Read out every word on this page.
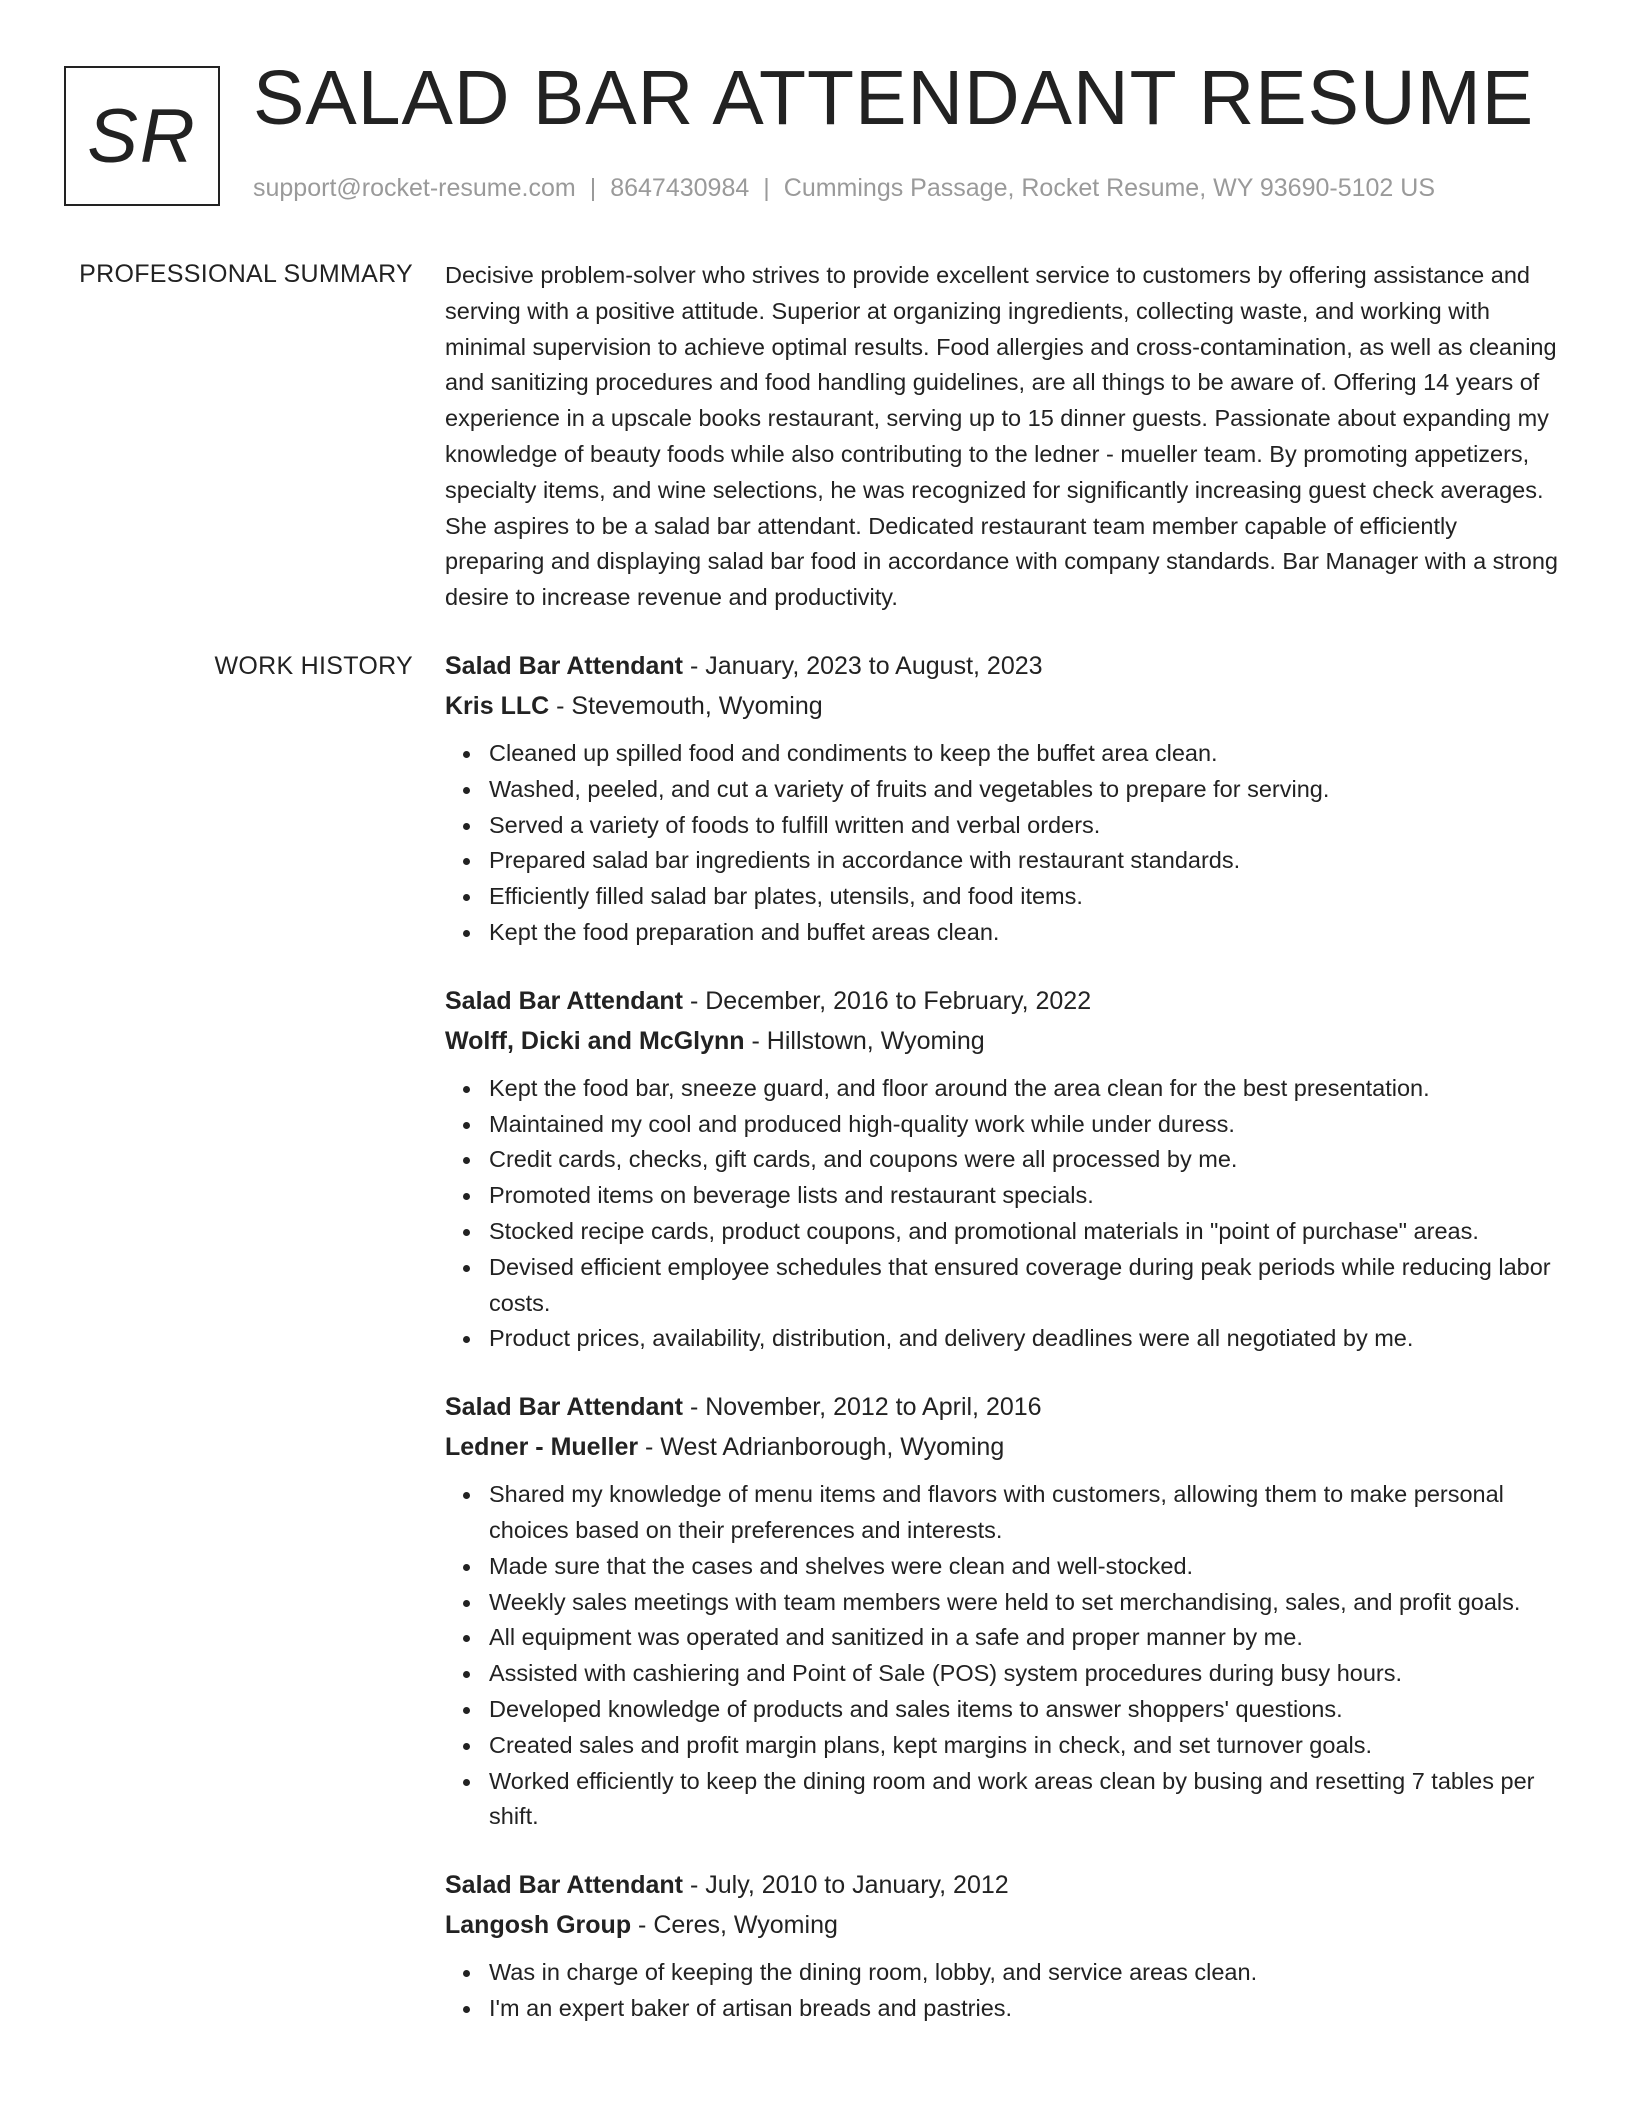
SR SALAD BAR ATTENDANT RESUME
support@rocket-resume.com | 8647430984 | Cummings Passage, Rocket Resume, WY 93690-5102 US
PROFESSIONAL SUMMARY Decisive problem-solver who strives to provide excellent service to customers by offering assistance and serving with a positive attitude. Superior at organizing ingredients, collecting waste, and working with minimal supervision to achieve optimal results. Food allergies and cross-contamination, as well as cleaning and sanitizing procedures and food handling guidelines, are all things to be aware of. Offering 14 years of experience in a upscale books restaurant, serving up to 15 dinner guests. Passionate about expanding my knowledge of beauty foods while also contributing to the ledner - mueller team. By promoting appetizers, specialty items, and wine selections, he was recognized for significantly increasing guest check averages. She aspires to be a salad bar attendant. Dedicated restaurant team member capable of efficiently preparing and displaying salad bar food in accordance with company standards. Bar Manager with a strong desire to increase revenue and productivity.

WORK HISTORY Salad Bar Attendant - January, 2023 to August, 2023

Kris LLC - Stevemouth, Wyoming

Cleaned up spilled food and condiments to keep the buffet area clean.
Washed, peeled, and cut a variety of fruits and vegetables to prepare for serving.
Served a variety of foods to fulfill written and verbal orders.
Prepared salad bar ingredients in accordance with restaurant standards.
Efficiently filled salad bar plates, utensils, and food items.
Kept the food preparation and buffet areas clean.

Salad Bar Attendant - December, 2016 to February, 2022

Wolff, Dicki and McGlynn - Hillstown, Wyoming

Kept the food bar, sneeze guard, and floor around the area clean for the best presentation.
Maintained my cool and produced high-quality work while under duress.
Credit cards, checks, gift cards, and coupons were all processed by me.
Promoted items on beverage lists and restaurant specials.
Stocked recipe cards, product coupons, and promotional materials in "point of purchase" areas.
Devised efficient employee schedules that ensured coverage during peak periods while reducing labor costs.
Product prices, availability, distribution, and delivery deadlines were all negotiated by me.

Salad Bar Attendant - November, 2012 to April, 2016

Ledner - Mueller - West Adrianborough, Wyoming

Shared my knowledge of menu items and flavors with customers, allowing them to make personal choices based on their preferences and interests.
Made sure that the cases and shelves were clean and well-stocked.
Weekly sales meetings with team members were held to set merchandising, sales, and profit goals.
All equipment was operated and sanitized in a safe and proper manner by me.
Assisted with cashiering and Point of Sale (POS) system procedures during busy hours.
Developed knowledge of products and sales items to answer shoppers' questions.
Created sales and profit margin plans, kept margins in check, and set turnover goals.
Worked efficiently to keep the dining room and work areas clean by busing and resetting 7 tables per shift.

Salad Bar Attendant - July, 2010 to January, 2012

Langosh Group - Ceres, Wyoming

Was in charge of keeping the dining room, lobby, and service areas clean.
I'm an expert baker of artisan breads and pastries.
